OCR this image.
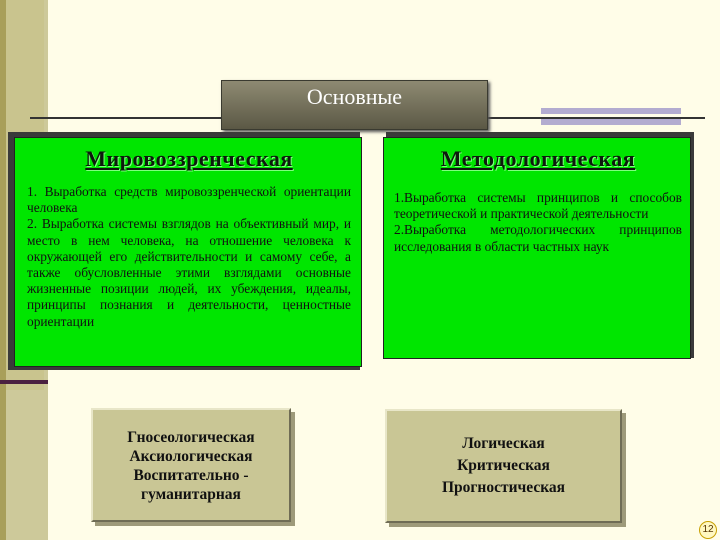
Основные
Мировоззренческая
1. Выработка средств мировоззренческой ориентации человека
2. Выработка системы взглядов на объективный мир, и место в нем человека, на отношение человека к окружающей его действительности и самому себе, а также обусловленные этими взглядами основные жизненные позиции людей, их убеждения, идеалы, принципы познания и деятельности, ценностные ориентации
Методологическая
1.Выработка системы принципов и способов теоретической и практической деятельности
2.Выработка методологических принципов исследования в области частных наук
Гносеологическая
Аксиологическая
Воспитательно -
гуманитарная
Логическая
Критическая
Прогностическая
12
